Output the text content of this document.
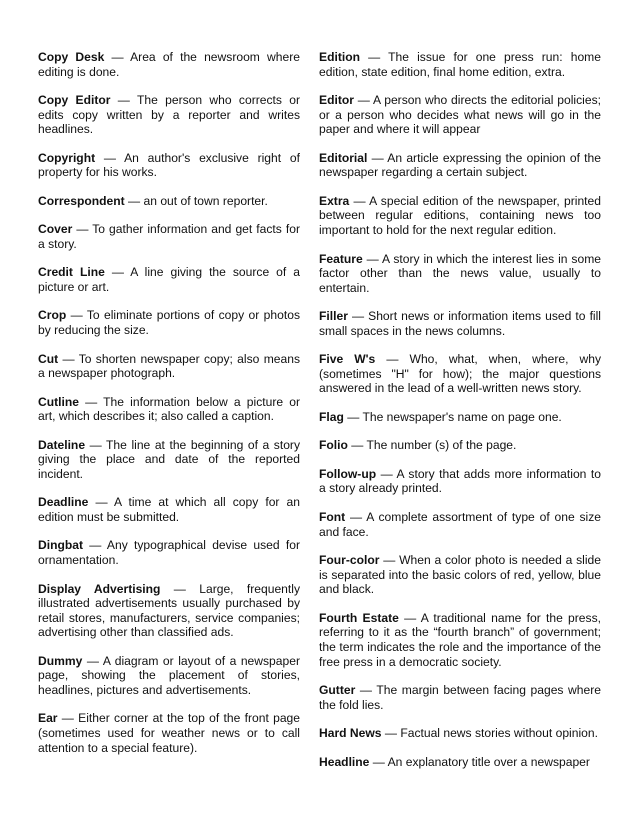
Copy Desk — Area of the newsroom where editing is done.

Copy Editor — The person who corrects or edits copy written by a reporter and writes headlines.

Copyright — An author's exclusive right of property for his works.

Correspondent — an out of town reporter.

Cover — To gather information and get facts for a story.

Credit Line — A line giving the source of a picture or art.

Crop — To eliminate portions of copy or photos by reducing the size.

Cut — To shorten newspaper copy; also means a newspaper photograph.

Cutline — The information below a picture or art, which describes it; also called a caption.

Dateline — The line at the beginning of a story giving the place and date of the reported incident.

Deadline — A time at which all copy for an edition must be submitted.

Dingbat — Any typographical devise used for ornamentation.

Display Advertising — Large, frequently illustrated advertisements usually purchased by retail stores, manufacturers, service companies; advertising other than classified ads.

Dummy — A diagram or layout of a newspaper page, showing the placement of stories, headlines, pictures and advertisements.

Ear — Either corner at the top of the front page (sometimes used for weather news or to call attention to a special feature).

Edition — The issue for one press run: home edition, state edition, final home edition, extra.

Editor — A person who directs the editorial policies; or a person who decides what news will go in the paper and where it will appear

Editorial — An article expressing the opinion of the newspaper regarding a certain subject.

Extra — A special edition of the newspaper, printed between regular editions, containing news too important to hold for the next regular edition.

Feature — A story in which the interest lies in some factor other than the news value, usually to entertain.

Filler — Short news or information items used to fill small spaces in the news columns.

Five W's — Who, what, when, where, why (sometimes "H" for how); the major questions answered in the lead of a well-written news story.

Flag — The newspaper's name on page one.

Folio — The number (s) of the page.

Follow-up — A story that adds more information to a story already printed.

Font — A complete assortment of type of one size and face.

Four-color — When a color photo is needed a slide is separated into the basic colors of red, yellow, blue and black.

Fourth Estate — A traditional name for the press, referring to it as the “fourth branch” of government; the term indicates the role and the importance of the free press in a democratic society.

Gutter — The margin between facing pages where the fold lies.

Hard News — Factual news stories without opinion.

Headline — An explanatory title over a newspaper
